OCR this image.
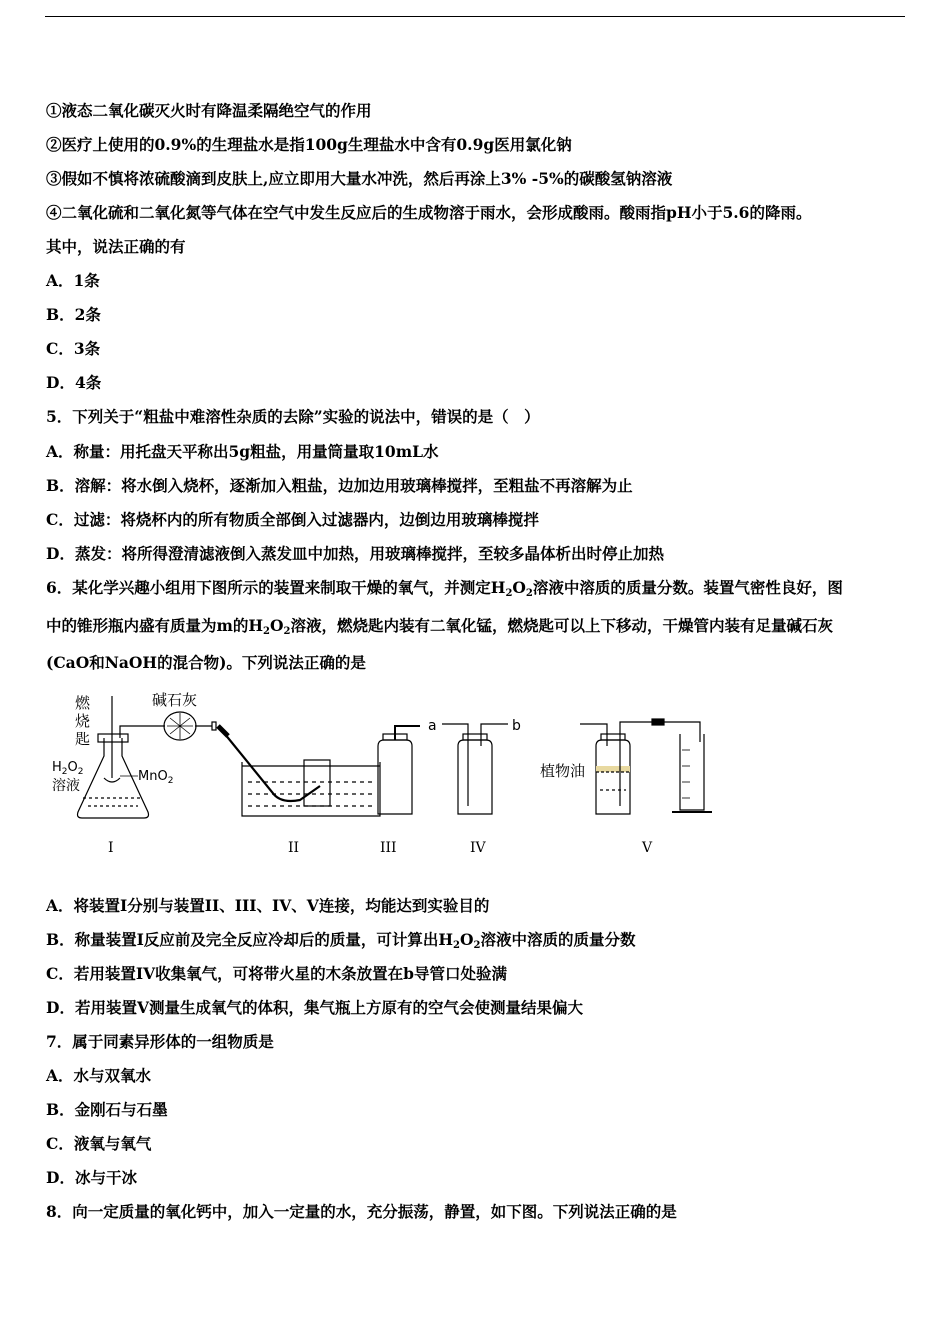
①液态二氧化碳灭火时有降温柔隔绝空气的作用
②医疗上使用的0.9%的生理盐水是指100g生理盐水中含有0.9g医用氯化钠
③假如不慎将浓硫酸滴到皮肤上,应立即用大量水冲洗，然后再涂上3% -5%的碳酸氢钠溶液
④二氧化硫和二氧化氮等气体在空气中发生反应后的生成物溶于雨水，会形成酸雨。酸雨指pH小于5.6的降雨。
其中，说法正确的有
A．1条
B．2条
C．3条
D．4条
5．下列关于“粗盐中难溶性杂质的去除”实验的说法中，错误的是（　）
A．称量：用托盘天平称出5g粗盐，用量筒量取10mL水
B．溶解：将水倒入烧杯，逐渐加入粗盐，边加边用玻璃棒搅拌，至粗盐不再溶解为止
C．过滤：将烧杯内的所有物质全部倒入过滤器内，边倒边用玻璃棒搅拌
D．蒸发：将所得澄清滤液倒入蒸发皿中加热，用玻璃棒搅拌，至较多晶体析出时停止加热
6．某化学兴趣小组用下图所示的装置来制取干燥的氧气，并测定$H_2O_2$溶液中溶质的质量分数。装置气密性良好，图
中的锥形瓶内盛有质量为m的$H_2O_2$溶液，燃烧匙内装有二氧化锰，燃烧匙可以上下移动，干燥管内装有足量碱石灰
(CaO和NaOH的混合物)。下列说法正确的是
燃
烧
匙
碱石灰
$H_2O_2$
溶液
MnO$_2$
a	b
植物油
I	II	III	IV	V
A．将装置I分别与装置II、III、IV、V连接，均能达到实验目的
B．称量装置I反应前及完全反应冷却后的质量，可计算出$H_2O_2$溶液中溶质的质量分数
C．若用装置IV收集氧气，可将带火星的木条放置在b导管口处验满
D．若用装置V测量生成氧气的体积，集气瓶上方原有的空气会使测量结果偏大
7．属于同素异形体的一组物质是
A．水与双氧水
B．金刚石与石墨
C．液氧与氧气
D．冰与干冰
8．向一定质量的氧化钙中，加入一定量的水，充分振荡，静置，如下图。下列说法正确的是
